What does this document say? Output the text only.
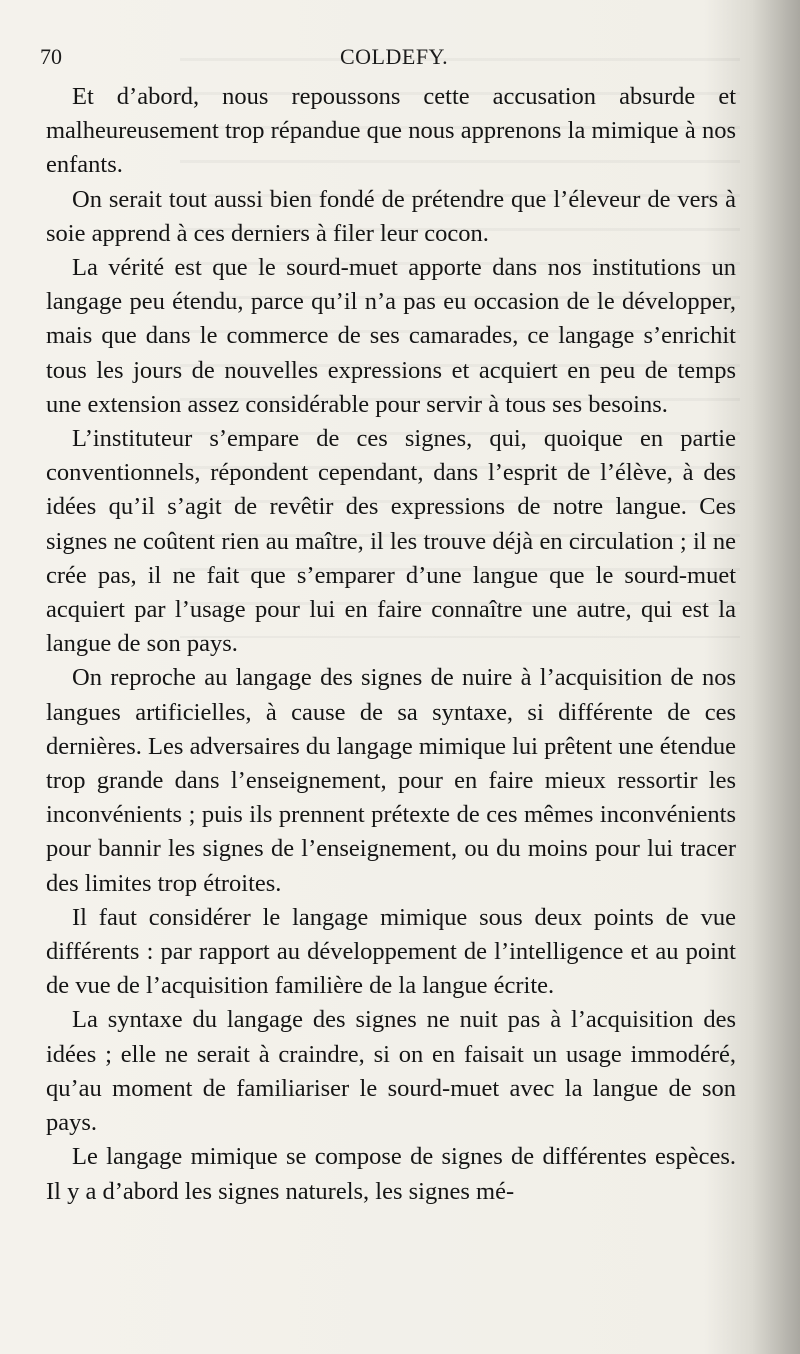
70	COLDEFY.

Et d’abord, nous repoussons cette accusation absurde et malheureusement trop répandue que nous apprenons la mimique à nos enfants.

On serait tout aussi bien fondé de prétendre que l’éleveur de vers à soie apprend à ces derniers à filer leur cocon.

La vérité est que le sourd-muet apporte dans nos institutions un langage peu étendu, parce qu’il n’a pas eu occasion de le développer, mais que dans le commerce de ses camarades, ce langage s’enrichit tous les jours de nouvelles expressions et acquiert en peu de temps une extension assez considérable pour servir à tous ses besoins.

L’instituteur s’empare de ces signes, qui, quoique en partie conventionnels, répondent cependant, dans l’esprit de l’élève, à des idées qu’il s’agit de revêtir des expressions de notre langue. Ces signes ne coûtent rien au maître, il les trouve déjà en circulation ; il ne crée pas, il ne fait que s’emparer d’une langue que le sourd-muet acquiert par l’usage pour lui en faire connaître une autre, qui est la langue de son pays.

On reproche au langage des signes de nuire à l’acquisition de nos langues artificielles, à cause de sa syntaxe, si différente de ces dernières. Les adversaires du langage mimique lui prêtent une étendue trop grande dans l’enseignement, pour en faire mieux ressortir les inconvénients ; puis ils prennent prétexte de ces mêmes inconvénients pour bannir les signes de l’enseignement, ou du moins pour lui tracer des limites trop étroites.

Il faut considérer le langage mimique sous deux points de vue différents : par rapport au développement de l’intelligence et au point de vue de l’acquisition familière de la langue écrite.

La syntaxe du langage des signes ne nuit pas à l’acquisition des idées ; elle ne serait à craindre, si on en faisait un usage immodéré, qu’au moment de familiariser le sourd-muet avec la langue de son pays.

Le langage mimique se compose de signes de différentes espèces. Il y a d’abord les signes naturels, les signes mé-
